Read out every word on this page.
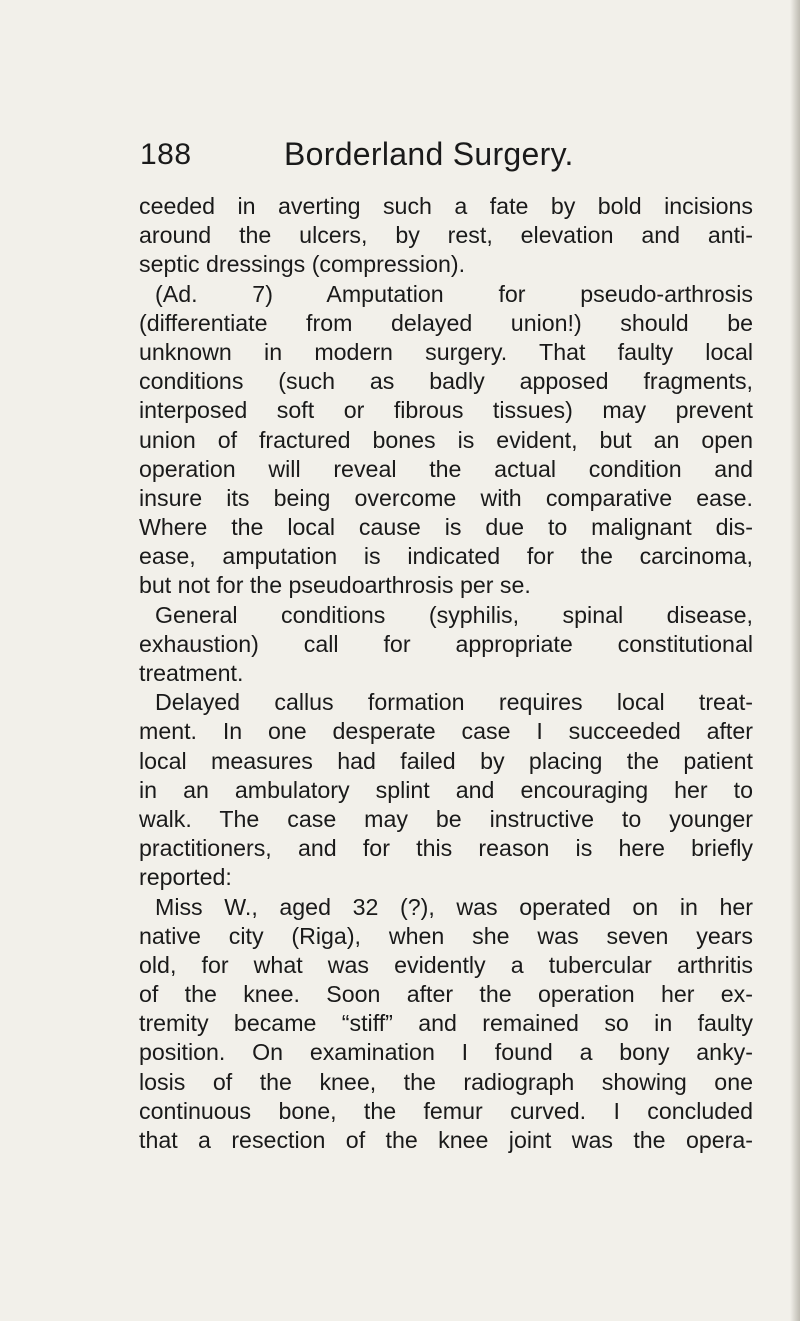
188	Borderland Surgery.
ceeded in averting such a fate by bold incisions
around the ulcers, by rest, elevation and anti-
septic dressings (compression).
(Ad. 7) Amputation for pseudo-arthrosis
(differentiate from delayed union!) should be
unknown in modern surgery. That faulty local
conditions (such as badly apposed fragments,
interposed soft or fibrous tissues) may prevent
union of fractured bones is evident, but an open
operation will reveal the actual condition and
insure its being overcome with comparative ease.
Where the local cause is due to malignant dis-
ease, amputation is indicated for the carcinoma,
but not for the pseudoarthrosis per se.
General conditions (syphilis, spinal disease,
exhaustion) call for appropriate constitutional
treatment.
Delayed callus formation requires local treat-
ment. In one desperate case I succeeded after
local measures had failed by placing the patient
in an ambulatory splint and encouraging her to
walk. The case may be instructive to younger
practitioners, and for this reason is here briefly
reported:
Miss W., aged 32 (?), was operated on in her
native city (Riga), when she was seven years
old, for what was evidently a tubercular arthritis
of the knee. Soon after the operation her ex-
tremity became “stiff” and remained so in faulty
position. On examination I found a bony anky-
losis of the knee, the radiograph showing one
continuous bone, the femur curved. I concluded
that a resection of the knee joint was the opera-
